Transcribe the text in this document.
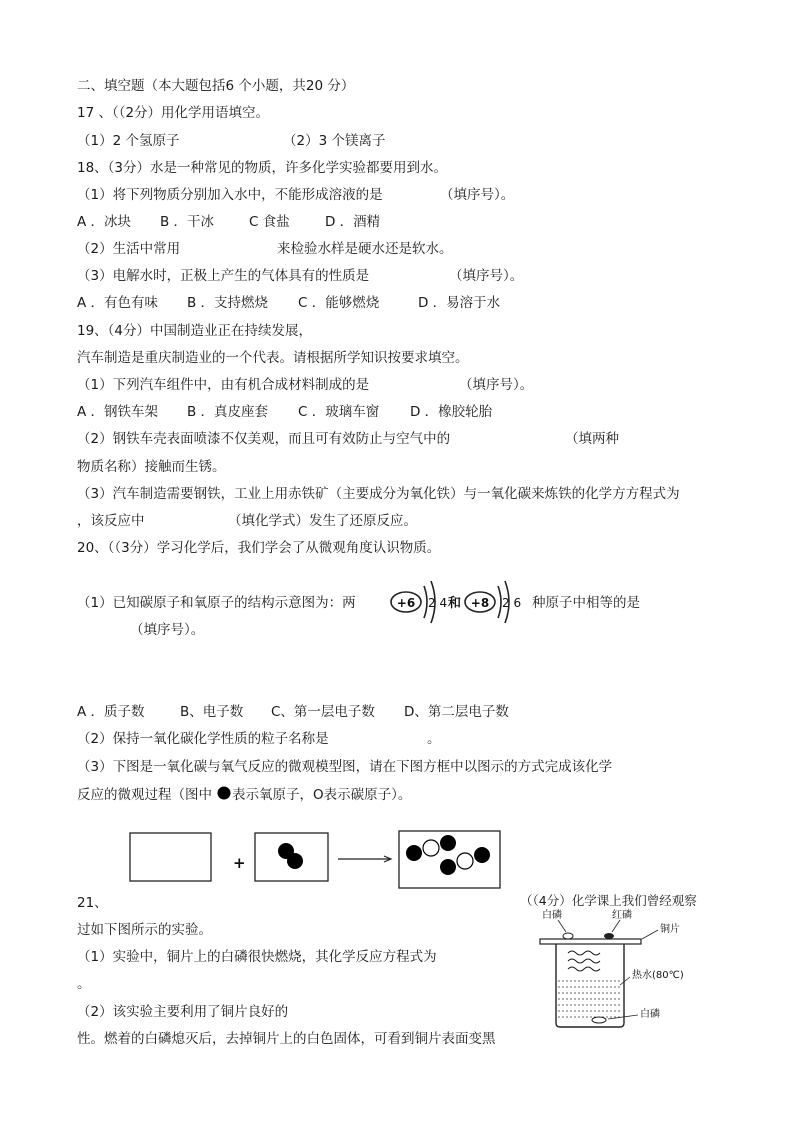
二、填空题（本大题包括6 个小题，共20 分）
17 、（（2分）用化学用语填空。
（1）2 个氢原子	（2）3 个镁离子
18、（3分）水是一种常见的物质，许多化学实验都要用到水。
（1）将下列物质分别加入水中，不能形成溶液的是	（填序号）。
A ．冰块 B ．干冰	C 食盐	D ．酒精
（2）生活中常用	来检验水样是硬水还是软水。
（3）电解水时，正极上产生的气体具有的性质是	（填序号）。
A ．有色有味 B ．支持燃烧 C ．能够燃烧	D ．易溶于水
19、（4分）中国制造业正在持续发展，
汽车制造是重庆制造业的一个代表。请根据所学知识按要求填空。
（1）下列汽车组件中，由有机合成材料制成的是	（填序号）。
A ．钢铁车架 B ．真皮座套 C ．玻璃车窗 D ．橡胶轮胎
（2）钢铁车壳表面喷漆不仅美观，而且可有效防止与空气中的	（填两种
物质名称）接触而生锈。
（3）汽车制造需要钢铁，工业上用赤铁矿（主要成分为氧化铁）与一氧化碳来炼铁的化学方方程式为
，该反应中	（填化学式）发生了还原反应。
20、（（3分）学习化学后，我们学会了从微观角度认识物质。
（1）已知碳原子和氧原子的结构示意图为：两	+6 2 4 和 +8 2 6 种原子中相等的是
（填序号）。
A ．质子数	B、电子数 C、第一层电子数 D、第二层电子数
（2）保持一氧化碳化学性质的粒子名称是	。
（3）下图是一氧化碳与氧气反应的微观模型图，请在下图方框中以图示的方式完成该化学
反应的微观过程（图中 表示氧原子，O表示碳原子）。
+
21、	（（4分）化学课上我们曾经观察
过如下图所示的实验。
（1）实验中，铜片上的白磷很快燃烧，其化学反应方程式为
。
（2）该实验主要利用了铜片良好的
性。燃着的白磷熄灭后，去掉铜片上的白色固体，可看到铜片表面变黑
白磷	红磷
铜片
热水(80℃)
白磷
